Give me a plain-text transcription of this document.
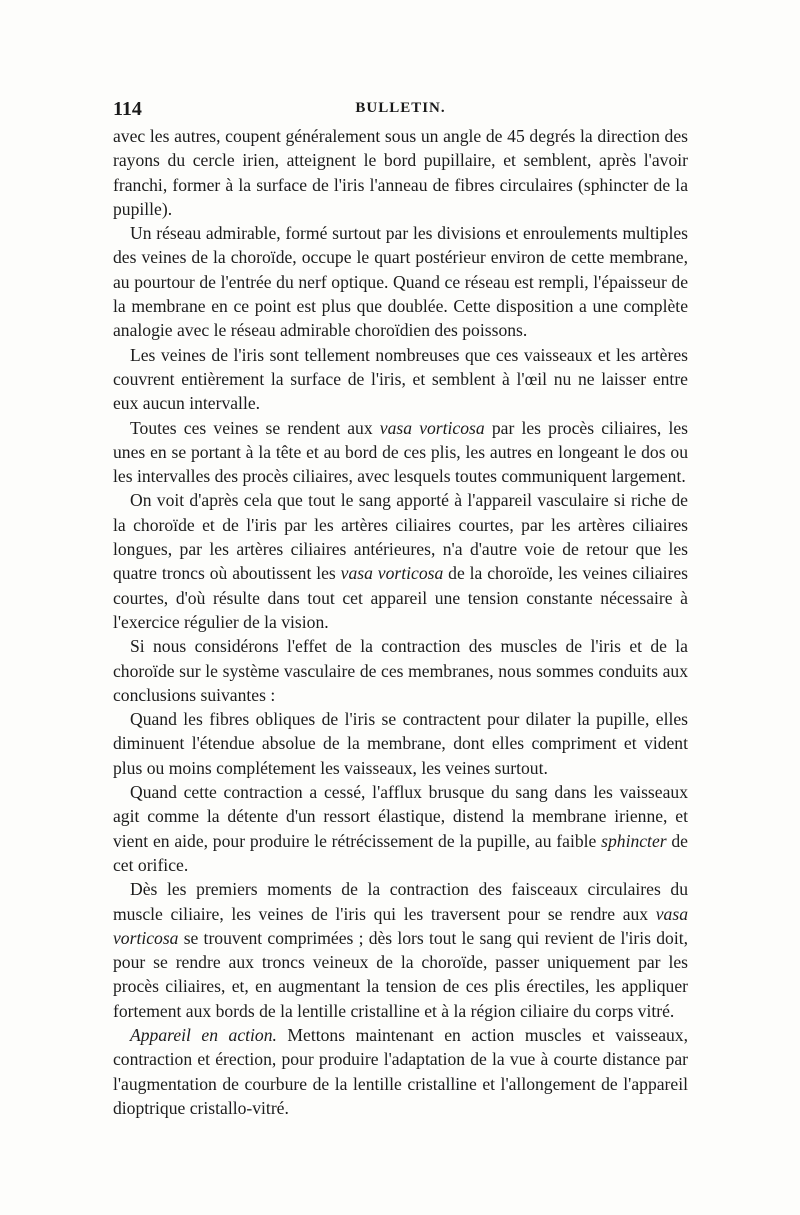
114	BULLETIN.

avec les autres, coupent généralement sous un angle de 45 degrés la direction des rayons du cercle irien, atteignent le bord pupillaire, et semblent, après l'avoir franchi, former à la surface de l'iris l'anneau de fibres circulaires (sphincter de la pupille).

Un réseau admirable, formé surtout par les divisions et enroulements multiples des veines de la choroïde, occupe le quart postérieur environ de cette membrane, au pourtour de l'entrée du nerf optique. Quand ce réseau est rempli, l'épaisseur de la membrane en ce point est plus que doublée. Cette disposition a une complète analogie avec le réseau admirable choroïdien des poissons.

Les veines de l'iris sont tellement nombreuses que ces vaisseaux et les artères couvrent entièrement la surface de l'iris, et semblent à l'œil nu ne laisser entre eux aucun intervalle.

Toutes ces veines se rendent aux vasa vorticosa par les procès ciliaires, les unes en se portant à la tête et au bord de ces plis, les autres en longeant le dos ou les intervalles des procès ciliaires, avec lesquels toutes communiquent largement.

On voit d'après cela que tout le sang apporté à l'appareil vasculaire si riche de la choroïde et de l'iris par les artères ciliaires courtes, par les artères ciliaires longues, par les artères ciliaires antérieures, n'a d'autre voie de retour que les quatre troncs où aboutissent les vasa vorticosa de la choroïde, les veines ciliaires courtes, d'où résulte dans tout cet appareil une tension constante nécessaire à l'exercice régulier de la vision.

Si nous considérons l'effet de la contraction des muscles de l'iris et de la choroïde sur le système vasculaire de ces membranes, nous sommes conduits aux conclusions suivantes :

Quand les fibres obliques de l'iris se contractent pour dilater la pupille, elles diminuent l'étendue absolue de la membrane, dont elles compriment et vident plus ou moins complétement les vaisseaux, les veines surtout.

Quand cette contraction a cessé, l'afflux brusque du sang dans les vaisseaux agit comme la détente d'un ressort élastique, distend la membrane irienne, et vient en aide, pour produire le rétrécissement de la pupille, au faible sphincter de cet orifice.

Dès les premiers moments de la contraction des faisceaux circulaires du muscle ciliaire, les veines de l'iris qui les traversent pour se rendre aux vasa vorticosa se trouvent comprimées ; dès lors tout le sang qui revient de l'iris doit, pour se rendre aux troncs veineux de la choroïde, passer uniquement par les procès ciliaires, et, en augmentant la tension de ces plis érectiles, les appliquer fortement aux bords de la lentille cristalline et à la région ciliaire du corps vitré.

Appareil en action. Mettons maintenant en action muscles et vaisseaux, contraction et érection, pour produire l'adaptation de la vue à courte distance par l'augmentation de courbure de la lentille cristalline et l'allongement de l'appareil dioptrique cristallo-vitré.
